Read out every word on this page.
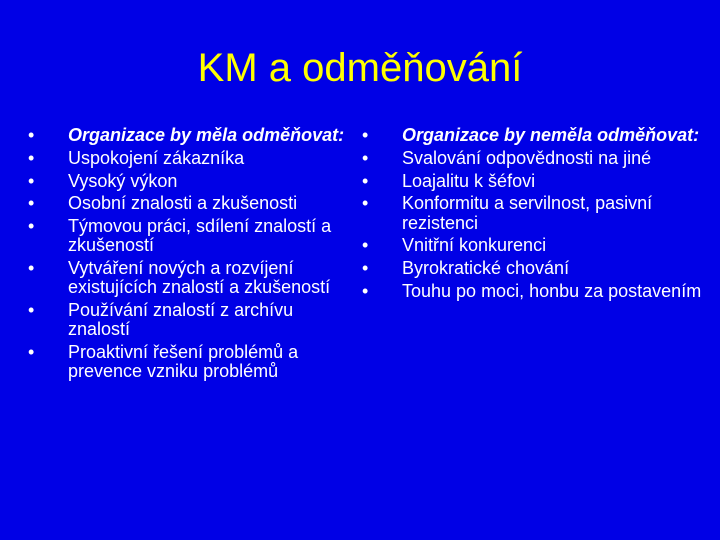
KM a odměňování
•	Organizace by měla odměňovat:
•	Uspokojení zákazníka
•	Vysoký výkon
•	Osobní znalosti a zkušenosti
•	Týmovou práci, sdílení znalostí a zkušeností
•	Vytváření nových a rozvíjení existujících znalostí a zkušeností
•	Používání znalostí z archívu znalostí
•	Proaktivní řešení problémů a prevence vzniku problémů
•	Organizace by neměla odměňovat:
•	Svalování odpovědnosti na jiné
•	Loajalitu k šéfovi
•	Konformitu a servilnost, pasivní rezistenci
•	Vnitřní konkurenci
•	Byrokratické chování
•	Touhu po moci, honbu za postavením
